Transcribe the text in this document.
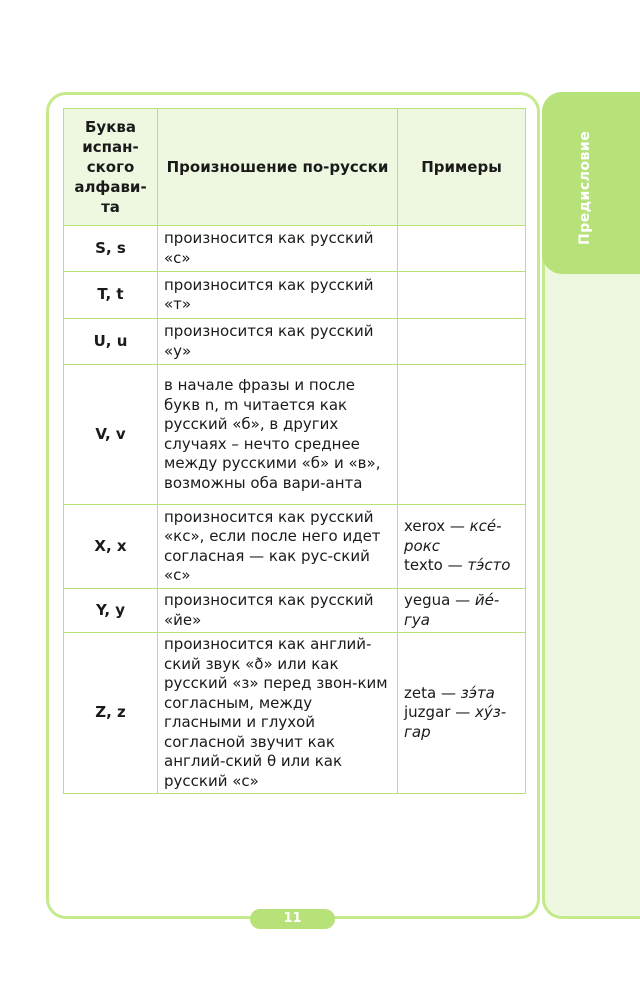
Предисловие
Буква испан-ского алфави-та	Произношение по-русски	Примеры
S, s	произносится как русский «с»	
T, t	произносится как русский «т»	
U, u	произносится как русский «у»	
V, v	в начале фразы и после букв n, m читается как русский «б», в других случаях – нечто среднее между русскими «б» и «в», возможны оба вари-анта	
X, x	произносится как русский «кс», если после него идет согласная — как рус-ский «с»	xerox — ксе́-рокс
texto — тэ́сто

Y, y	произносится как русский «йе»	yegua — йе́-гуа

Z, z	произносится как англий-ский звук «ð» или как русский «з» перед звон-ким согласным, между гласными и глухой согласной звучит как англий-ский θ или как русский «с»	zeta — зэ́та
juzgar — ху́з-гар
11
